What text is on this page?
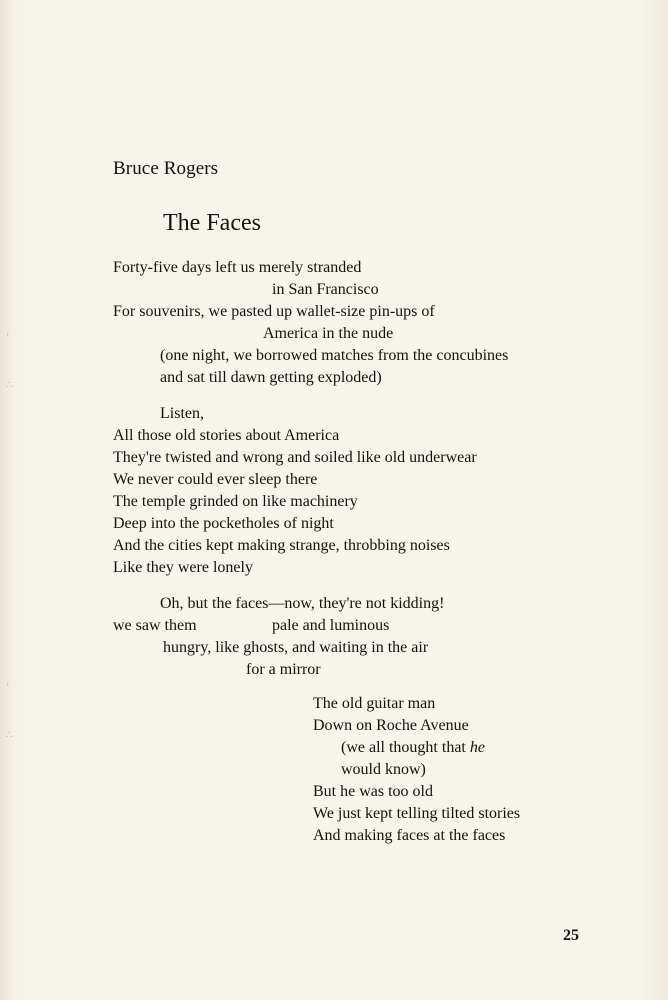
ʻ
∴
ʻ
∴
Bruce Rogers
The Faces
Forty-five days left us merely stranded
in San Francisco
For souvenirs, we pasted up wallet-size pin-ups of
America in the nude
(one night, we borrowed matches from the concubines
and sat till dawn getting exploded)
Listen,
All those old stories about America
They're twisted and wrong and soiled like old underwear
We never could ever sleep there
The temple grinded on like machinery
Deep into the pocketholes of night
And the cities kept making strange, throbbing noises
Like they were lonely
Oh, but the faces—now, they're not kidding!
we saw them	pale and luminous
hungry, like ghosts, and waiting in the air
for a mirror
The old guitar man
Down on Roche Avenue
(we all thought that he
would know)
But he was too old
We just kept telling tilted stories
And making faces at the faces
25
